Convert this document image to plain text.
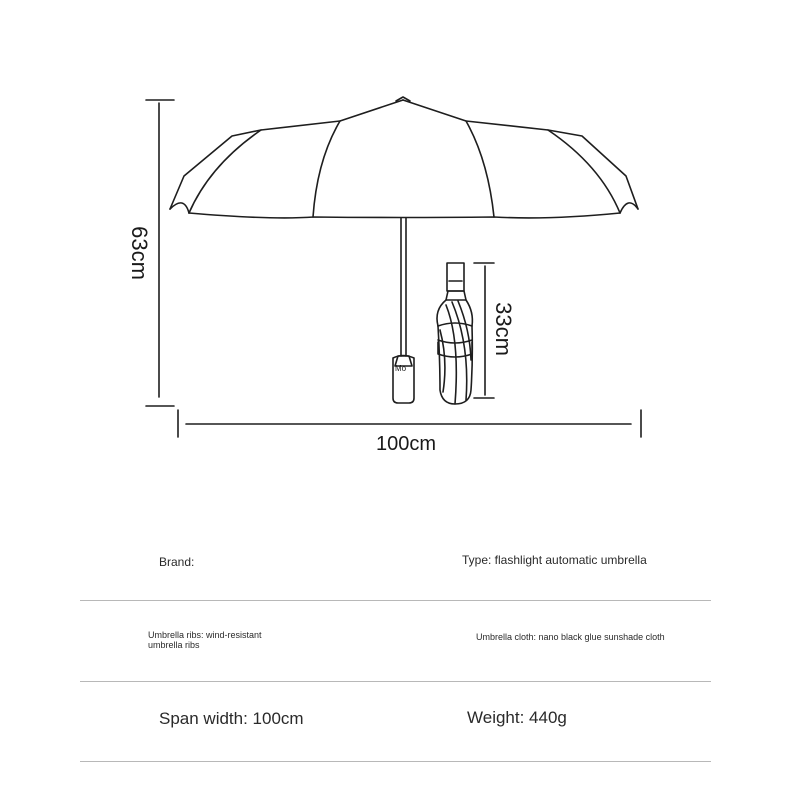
Mo
63cm
33cm
100cm
Brand:	Type: flashlight automatic umbrella
Umbrella ribs: wind-resistant
umbrella ribs
Umbrella cloth: nano black glue sunshade cloth
Span width: 100cm	Weight: 440g
